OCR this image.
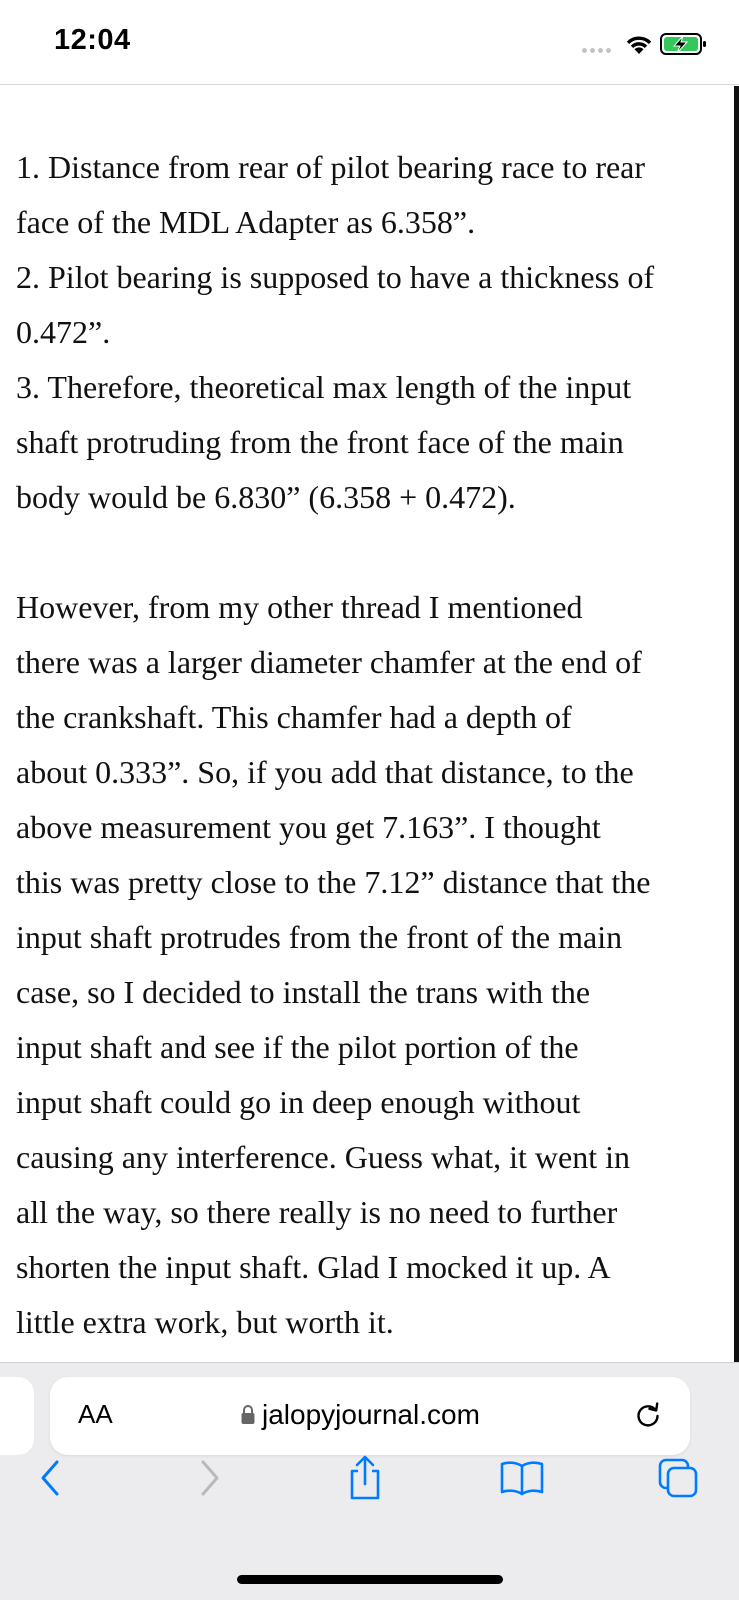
12:04

1. Distance from rear of pilot bearing race to rear
face of the MDL Adapter as 6.358”.
2. Pilot bearing is supposed to have a thickness of
0.472”.
3. Therefore, theoretical max length of the input
shaft protruding from the front face of the main
body would be 6.830” (6.358 + 0.472).

However, from my other thread I mentioned
there was a larger diameter chamfer at the end of
the crankshaft. This chamfer had a depth of
about 0.333”. So, if you add that distance, to the
above measurement you get 7.163”. I thought
this was pretty close to the 7.12” distance that the
input shaft protrudes from the front of the main
case, so I decided to install the trans with the
input shaft and see if the pilot portion of the
input shaft could go in deep enough without
causing any interference. Guess what, it went in
all the way, so there really is no need to further
shorten the input shaft. Glad I mocked it up. A
little extra work, but worth it.

AA	jalopyjournal.com
